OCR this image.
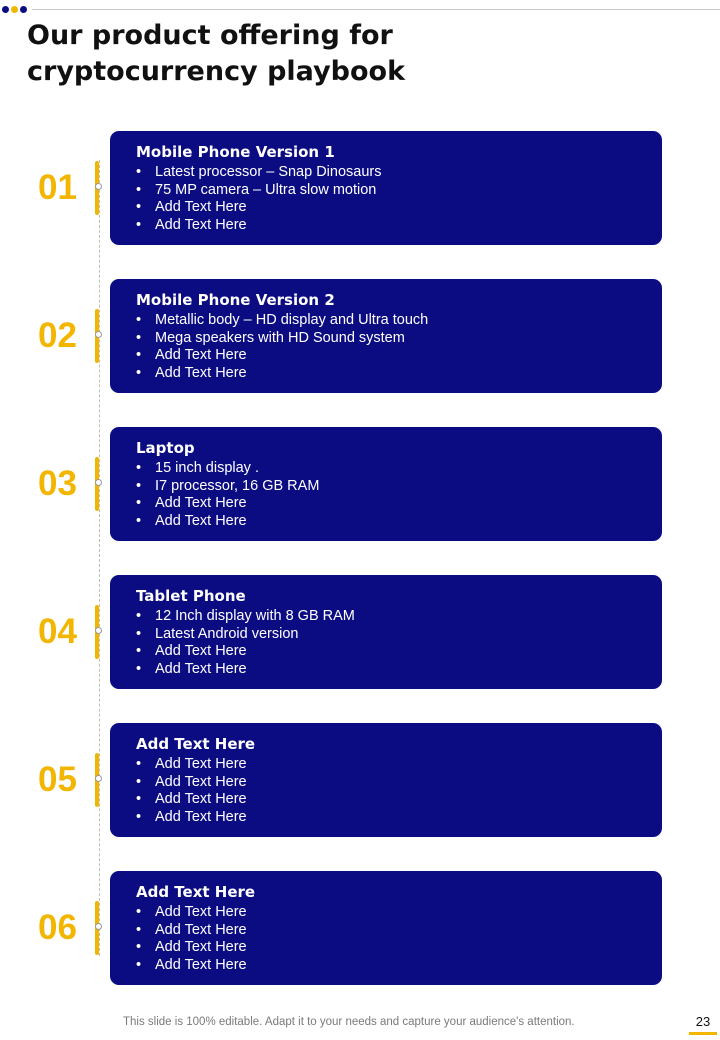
Our product offering for cryptocurrency playbook
01
Mobile Phone Version 1
• Latest processor – Snap Dinosaurs
• 75 MP camera – Ultra slow motion
• Add Text Here
• Add Text Here
02
Mobile Phone Version 2
• Metallic body – HD display and Ultra touch
• Mega speakers with HD Sound system
• Add Text Here
• Add Text Here
03
Laptop
• 15 inch display .
• I7 processor, 16 GB RAM
• Add Text Here
• Add Text Here
04
Tablet Phone
• 12 Inch display with 8 GB RAM
• Latest Android version
• Add Text Here
• Add Text Here
05
Add Text Here
• Add Text Here
• Add Text Here
• Add Text Here
• Add Text Here
06
Add Text Here
• Add Text Here
• Add Text Here
• Add Text Here
• Add Text Here
This slide is 100% editable. Adapt it to your needs and capture your audience's attention.	23
